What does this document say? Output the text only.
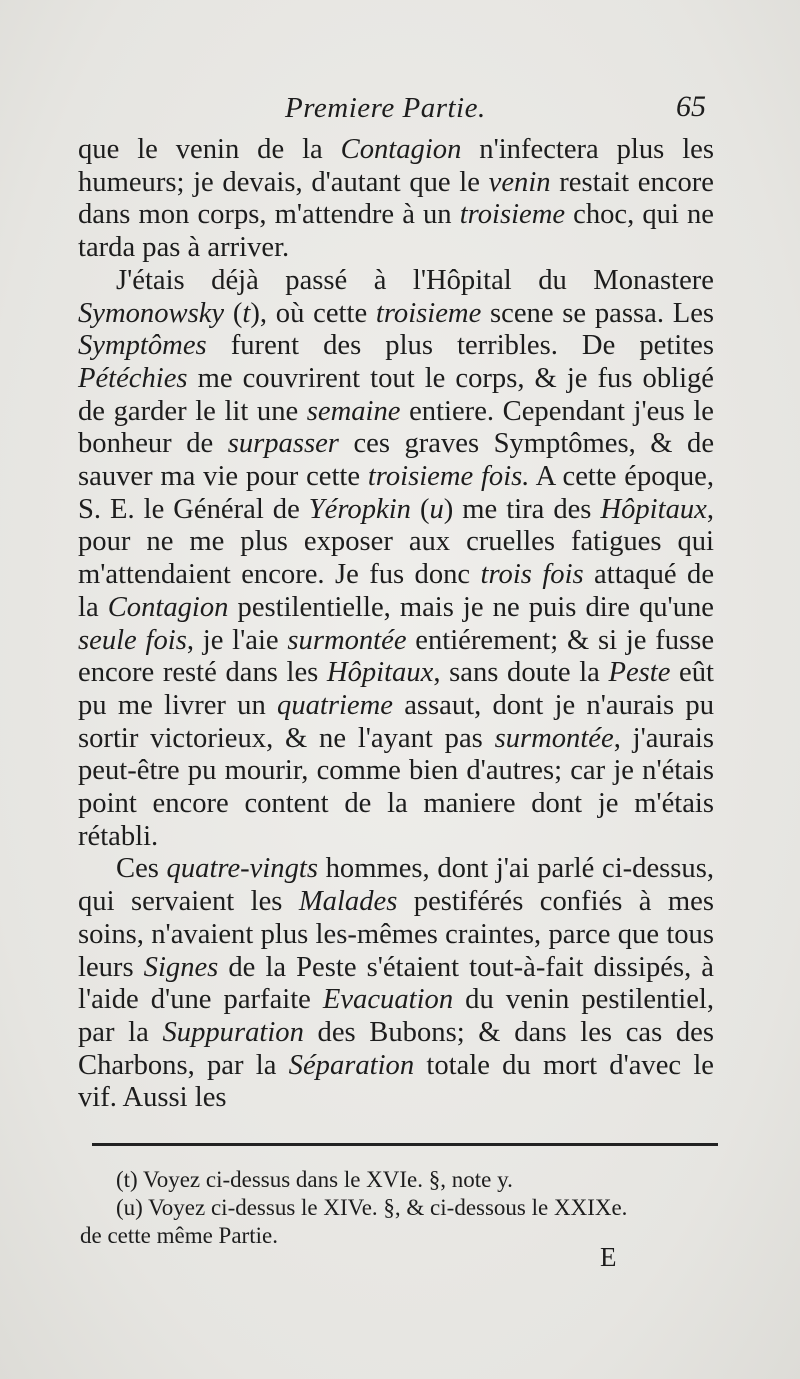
Premiere Partie.	65

que le venin de la Contagion n'infectera plus les humeurs; je devais, d'autant que le venin restait encore dans mon corps, m'attendre à un troisieme choc, qui ne tarda pas à arriver.

J'étais déjà passé à l'Hôpital du Monastere Symonowsky (t), où cette troisieme scene se passa. Les Symptômes furent des plus terribles. De petites Pétéchies me couvrirent tout le corps, & je fus obligé de garder le lit une semaine entiere. Cependant j'eus le bonheur de surpasser ces graves Symptômes, & de sauver ma vie pour cette troisieme fois. A cette époque, S. E. le Général de Yéropkin (u) me tira des Hôpitaux, pour ne me plus exposer aux cruelles fatigues qui m'attendaient encore. Je fus donc trois fois attaqué de la Contagion pestilentielle, mais je ne puis dire qu'une seule fois, je l'aie surmontée entiérement; & si je fusse encore resté dans les Hôpitaux, sans doute la Peste eût pu me livrer un quatrieme assaut, dont je n'aurais pu sortir victorieux, & ne l'ayant pas surmontée, j'aurais peut-être pu mourir, comme bien d'autres; car je n'étais point encore content de la maniere dont je m'étais rétabli.

Ces quatre-vingts hommes, dont j'ai parlé ci-dessus, qui servaient les Malades pestiférés confiés à mes soins, n'avaient plus les-mêmes craintes, parce que tous leurs Signes de la Peste s'étaient tout-à-fait dissipés, à l'aide d'une parfaite Evacuation du venin pestilentiel, par la Suppuration des Bubons; & dans les cas des Charbons, par la Séparation totale du mort d'avec le vif. Aussi les

(t) Voyez ci-dessus dans le XVIe. §, note y.

(u) Voyez ci-dessus le XIVe. §, & ci-dessous le XXIXe.

de cette même Partie.

E
